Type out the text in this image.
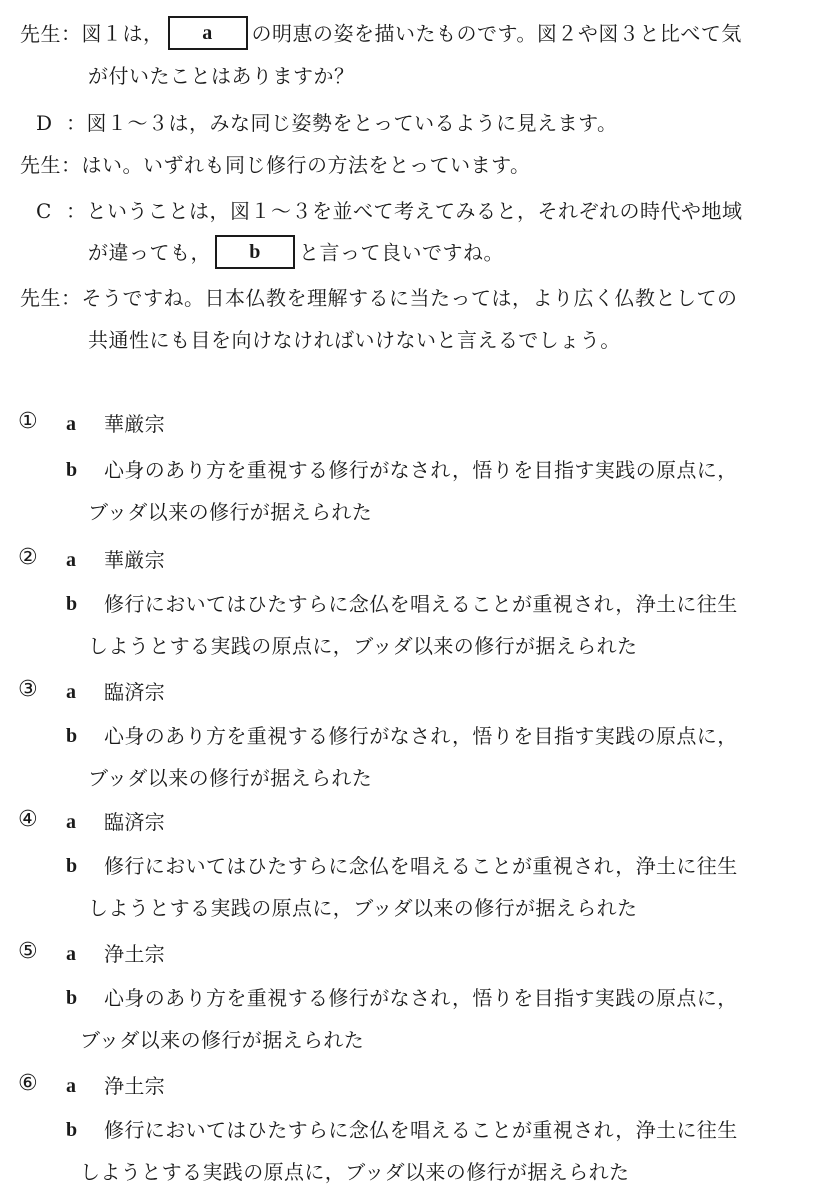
先生：図１は， a の明恵の姿を描いたものです。図２や図３と比べて気
が付いたことはありますか？
D ：図１～３は，みな同じ姿勢をとっているように見えます。
先生：はい。いずれも同じ修行の方法をとっています。
C ：ということは，図１～３を並べて考えてみると，それぞれの時代や地域
が違っても， b と言って良いですね。
先生：そうですね。日本仏教を理解するに当たっては，より広く仏教としての
共通性にも目を向けなければいけないと言えるでしょう。
① a 華厳宗
b 心身のあり方を重視する修行がなされ，悟りを目指す実践の原点に，
ブッダ以来の修行が据えられた
② a 華厳宗
b 修行においてはひたすらに念仏を唱えることが重視され，浄土に往生
しようとする実践の原点に，ブッダ以来の修行が据えられた
③ a 臨済宗
b 心身のあり方を重視する修行がなされ，悟りを目指す実践の原点に，
ブッダ以来の修行が据えられた
④ a 臨済宗
b 修行においてはひたすらに念仏を唱えることが重視され，浄土に往生
しようとする実践の原点に，ブッダ以来の修行が据えられた
⑤ a 浄土宗
b 心身のあり方を重視する修行がなされ，悟りを目指す実践の原点に，
ブッダ以来の修行が据えられた
⑥ a 浄土宗
b 修行においてはひたすらに念仏を唱えることが重視され，浄土に往生
しようとする実践の原点に，ブッダ以来の修行が据えられた
